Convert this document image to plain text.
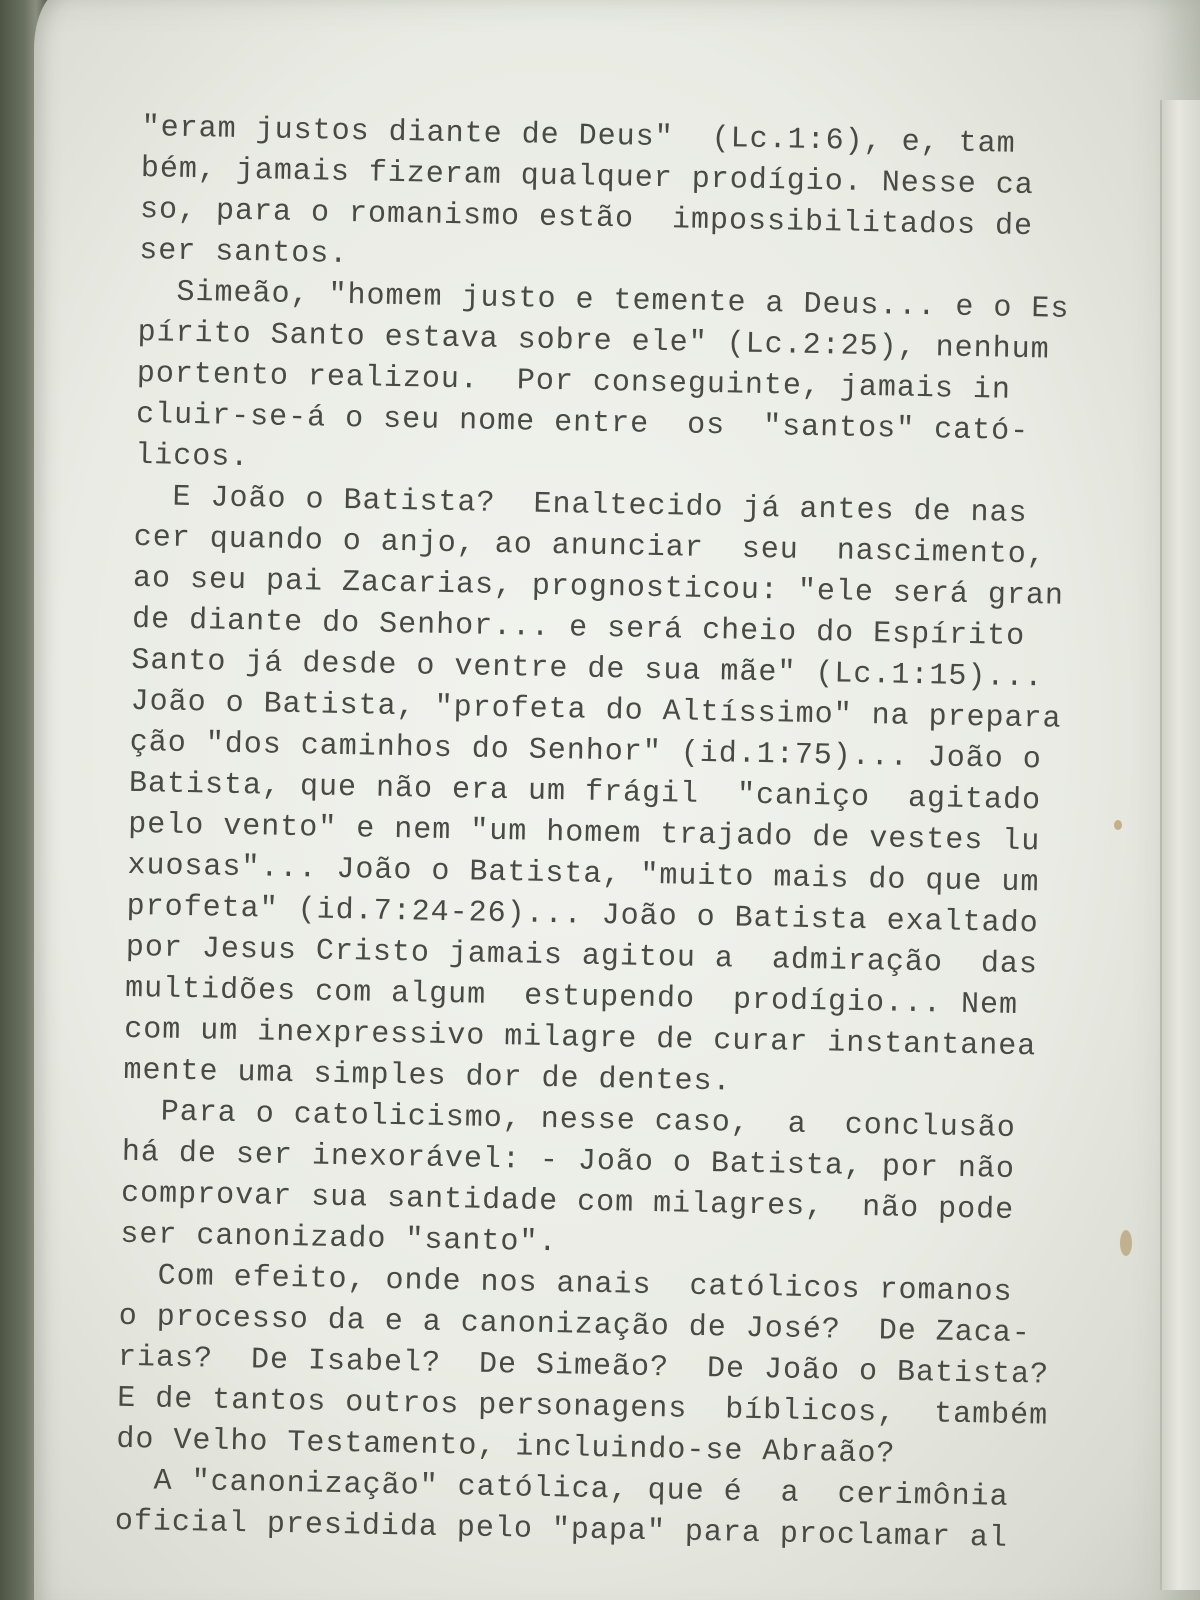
"eram justos diante de Deus"  (Lc.1:6), e, tam
bém, jamais fizeram qualquer prodígio. Nesse ca
so, para o romanismo estão  impossibilitados de
ser santos.
Simeão, "homem justo e temente a Deus... e o Es
pírito Santo estava sobre ele" (Lc.2:25), nenhum
portento realizou.  Por conseguinte, jamais in
cluir-se-á o seu nome entre  os  "santos" cató-
licos.
E João o Batista?  Enaltecido já antes de nas
cer quando o anjo, ao anunciar  seu  nascimento,
ao seu pai Zacarias, prognosticou: "ele será gran
de diante do Senhor... e será cheio do Espírito
Santo já desde o ventre de sua mãe" (Lc.1:15)...
João o Batista, "profeta do Altíssimo" na prepara
ção "dos caminhos do Senhor" (id.1:75)... João o
Batista, que não era um frágil  "caniço  agitado
pelo vento" e nem "um homem trajado de vestes lu
xuosas"... João o Batista, "muito mais do que um
profeta" (id.7:24-26)... João o Batista exaltado
por Jesus Cristo jamais agitou a  admiração  das
multidões com algum  estupendo  prodígio... Nem
com um inexpressivo milagre de curar instantanea
mente uma simples dor de dentes.
Para o catolicismo, nesse caso,  a  conclusão
há de ser inexorável: - João o Batista, por não
comprovar sua santidade com milagres,  não pode
ser canonizado "santo".
Com efeito, onde nos anais  católicos romanos
o processo da e a canonização de José?  De Zaca-
rias?  De Isabel?  De Simeão?  De João o Batista?
E de tantos outros personagens  bíblicos,  também
do Velho Testamento, incluindo-se Abraão?
A "canonização" católica, que é  a  cerimônia
oficial presidida pelo "papa" para proclamar al
